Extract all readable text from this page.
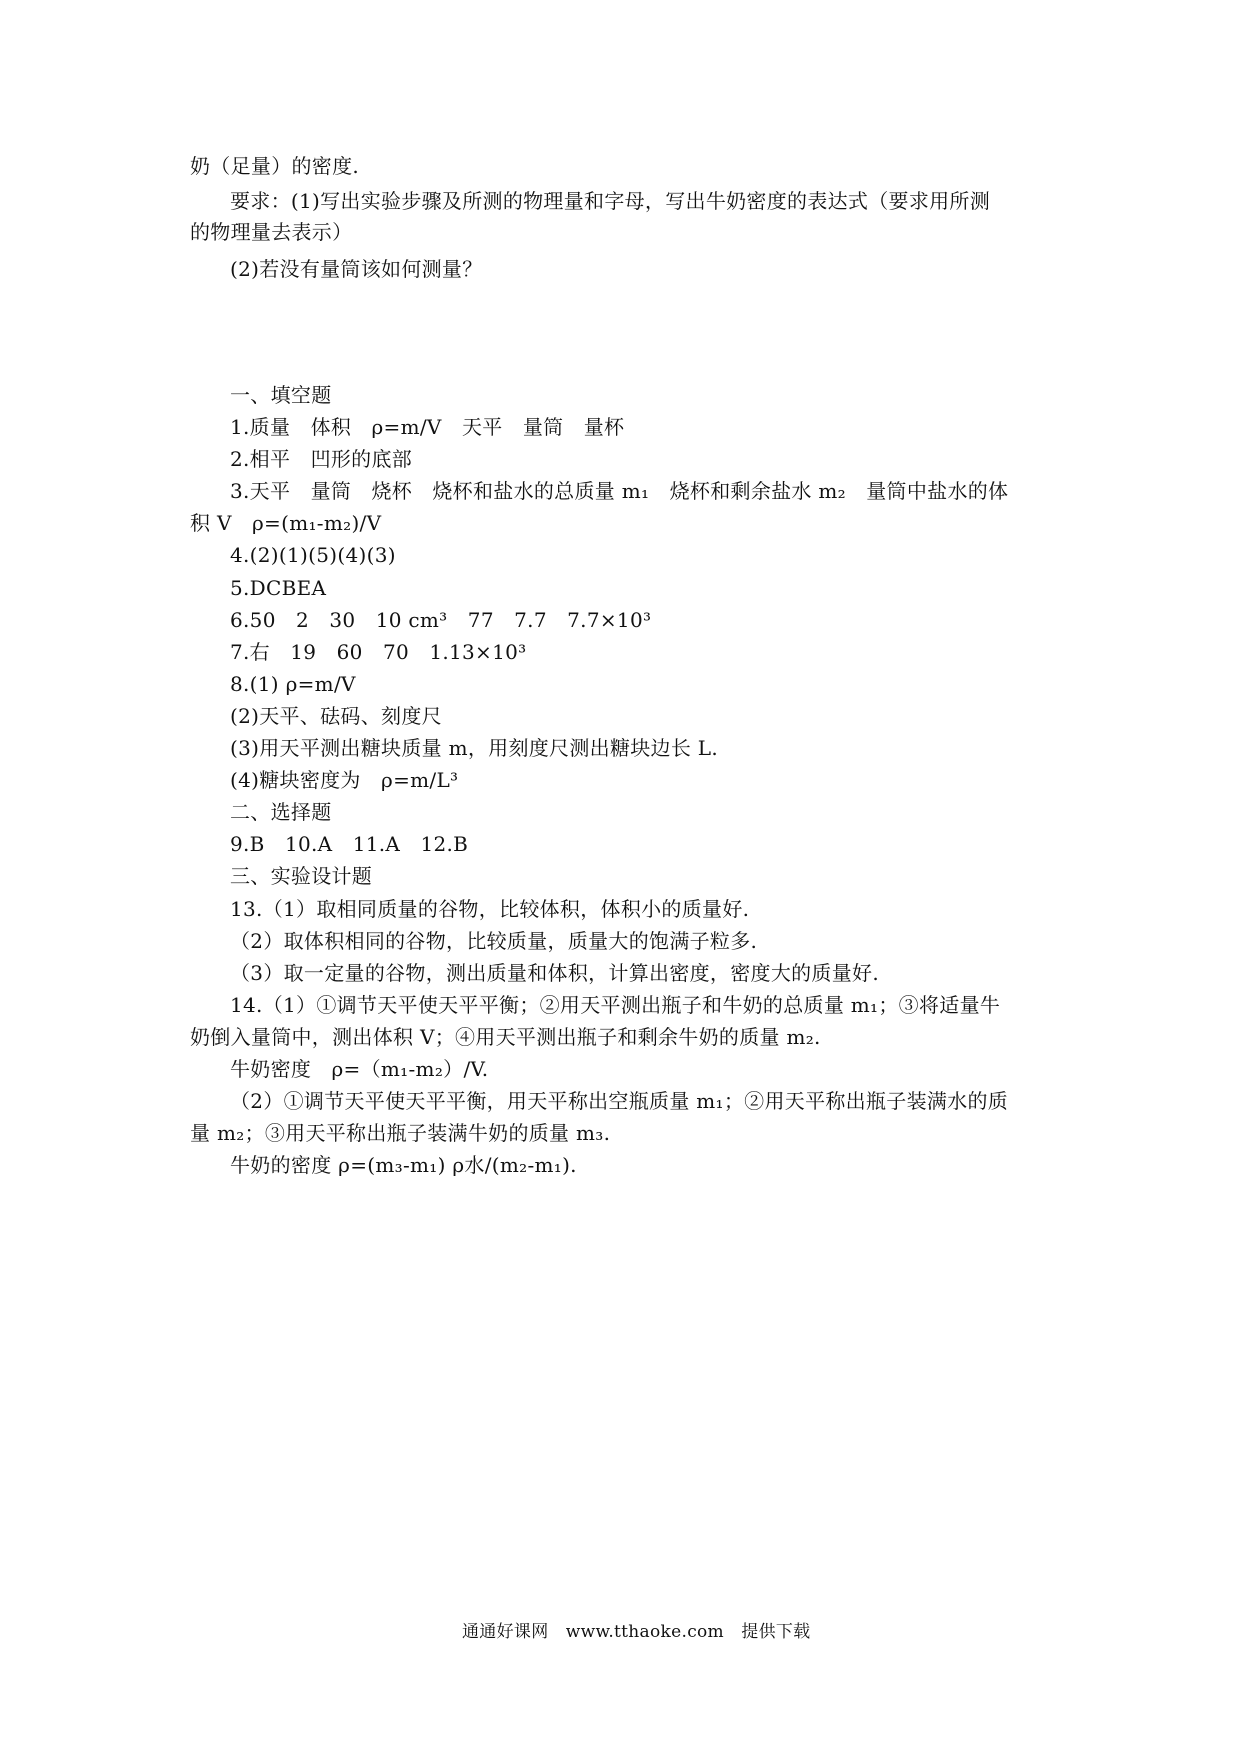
奶（足量）的密度.
要求：(1)写出实验步骤及所测的物理量和字母，写出牛奶密度的表达式（要求用所测
的物理量去表示）
(2)若没有量筒该如何测量？
一、填空题
1.质量　体积　ρ=m/V　天平　量筒　量杯
2.相平　凹形的底部
3.天平　量筒　烧杯　烧杯和盐水的总质量 m₁　烧杯和剩余盐水 m₂　量筒中盐水的体
积 V　ρ=(m₁-m₂)/V
4.(2)(1)(5)(4)(3)
5.DCBEA
6.50　2　30　10 cm³　77　7.7　7.7×10³
7.右　19　60　70　1.13×10³
8.(1) ρ=m/V
(2)天平、砝码、刻度尺
(3)用天平测出糖块质量 m，用刻度尺测出糖块边长 L.
(4)糖块密度为　ρ=m/L³
二、选择题
9.B　10.A　11.A　12.B
三、实验设计题
13.（1）取相同质量的谷物，比较体积，体积小的质量好.
（2）取体积相同的谷物，比较质量，质量大的饱满子粒多.
（3）取一定量的谷物，测出质量和体积，计算出密度，密度大的质量好.
14.（1）①调节天平使天平平衡；②用天平测出瓶子和牛奶的总质量 m₁；③将适量牛
奶倒入量筒中，测出体积 V；④用天平测出瓶子和剩余牛奶的质量 m₂.
牛奶密度　ρ=（m₁-m₂）/V.
（2）①调节天平使天平平衡，用天平称出空瓶质量 m₁；②用天平称出瓶子装满水的质
量 m₂；③用天平称出瓶子装满牛奶的质量 m₃.
牛奶的密度 ρ=(m₃-m₁) ρ水/(m₂-m₁).
通通好课网　www.tthaoke.com　提供下载
